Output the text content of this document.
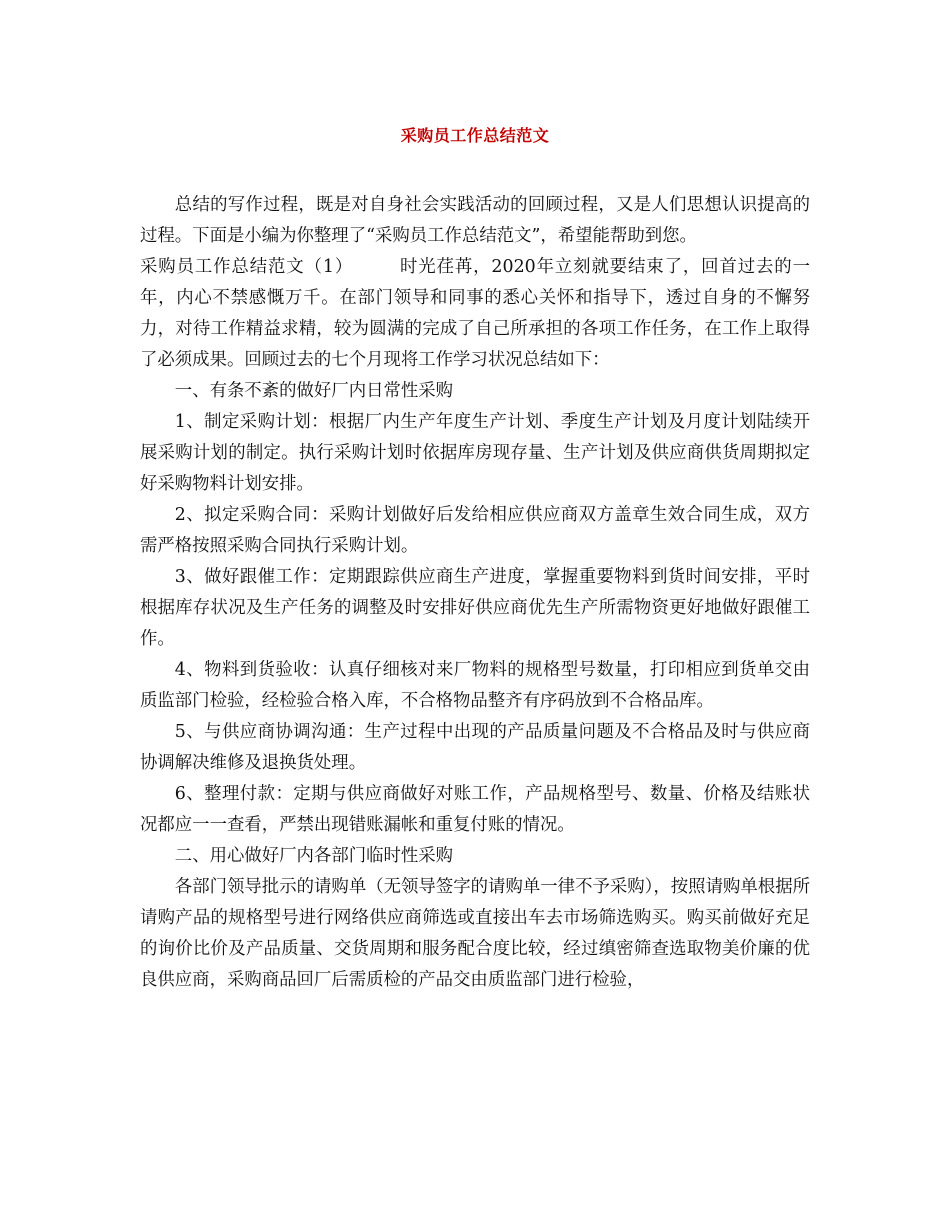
采购员工作总结范文

总结的写作过程，既是对自身社会实践活动的回顾过程，又是人们思想认识提高的过程。下面是小编为你整理了“采购员工作总结范文”，希望能帮助到您。

采购员工作总结范文（1）	时光荏苒，2020年立刻就要结束了，回首过去的一年，内心不禁感慨万千。在部门领导和同事的悉心关怀和指导下，透过自身的不懈努力，对待工作精益求精，较为圆满的完成了自己所承担的各项工作任务，在工作上取得了必须成果。回顾过去的七个月现将工作学习状况总结如下：

一、有条不紊的做好厂内日常性采购

1、制定采购计划：根据厂内生产年度生产计划、季度生产计划及月度计划陆续开展采购计划的制定。执行采购计划时依据库房现存量、生产计划及供应商供货周期拟定好采购物料计划安排。

2、拟定采购合同：采购计划做好后发给相应供应商双方盖章生效合同生成，双方需严格按照采购合同执行采购计划。

3、做好跟催工作：定期跟踪供应商生产进度，掌握重要物料到货时间安排，平时根据库存状况及生产任务的调整及时安排好供应商优先生产所需物资更好地做好跟催工作。

4、物料到货验收：认真仔细核对来厂物料的规格型号数量，打印相应到货单交由质监部门检验，经检验合格入库，不合格物品整齐有序码放到不合格品库。

5、与供应商协调沟通：生产过程中出现的产品质量问题及不合格品及时与供应商协调解决维修及退换货处理。

6、整理付款：定期与供应商做好对账工作，产品规格型号、数量、价格及结账状况都应一一查看，严禁出现错账漏帐和重复付账的情况。

二、用心做好厂内各部门临时性采购

各部门领导批示的请购单（无领导签字的请购单一律不予采购），按照请购单根据所请购产品的规格型号进行网络供应商筛选或直接出车去市场筛选购买。购买前做好充足的询价比价及产品质量、交货周期和服务配合度比较，经过缜密筛查选取物美价廉的优良供应商，采购商品回厂后需质检的产品交由质监部门进行检验，
